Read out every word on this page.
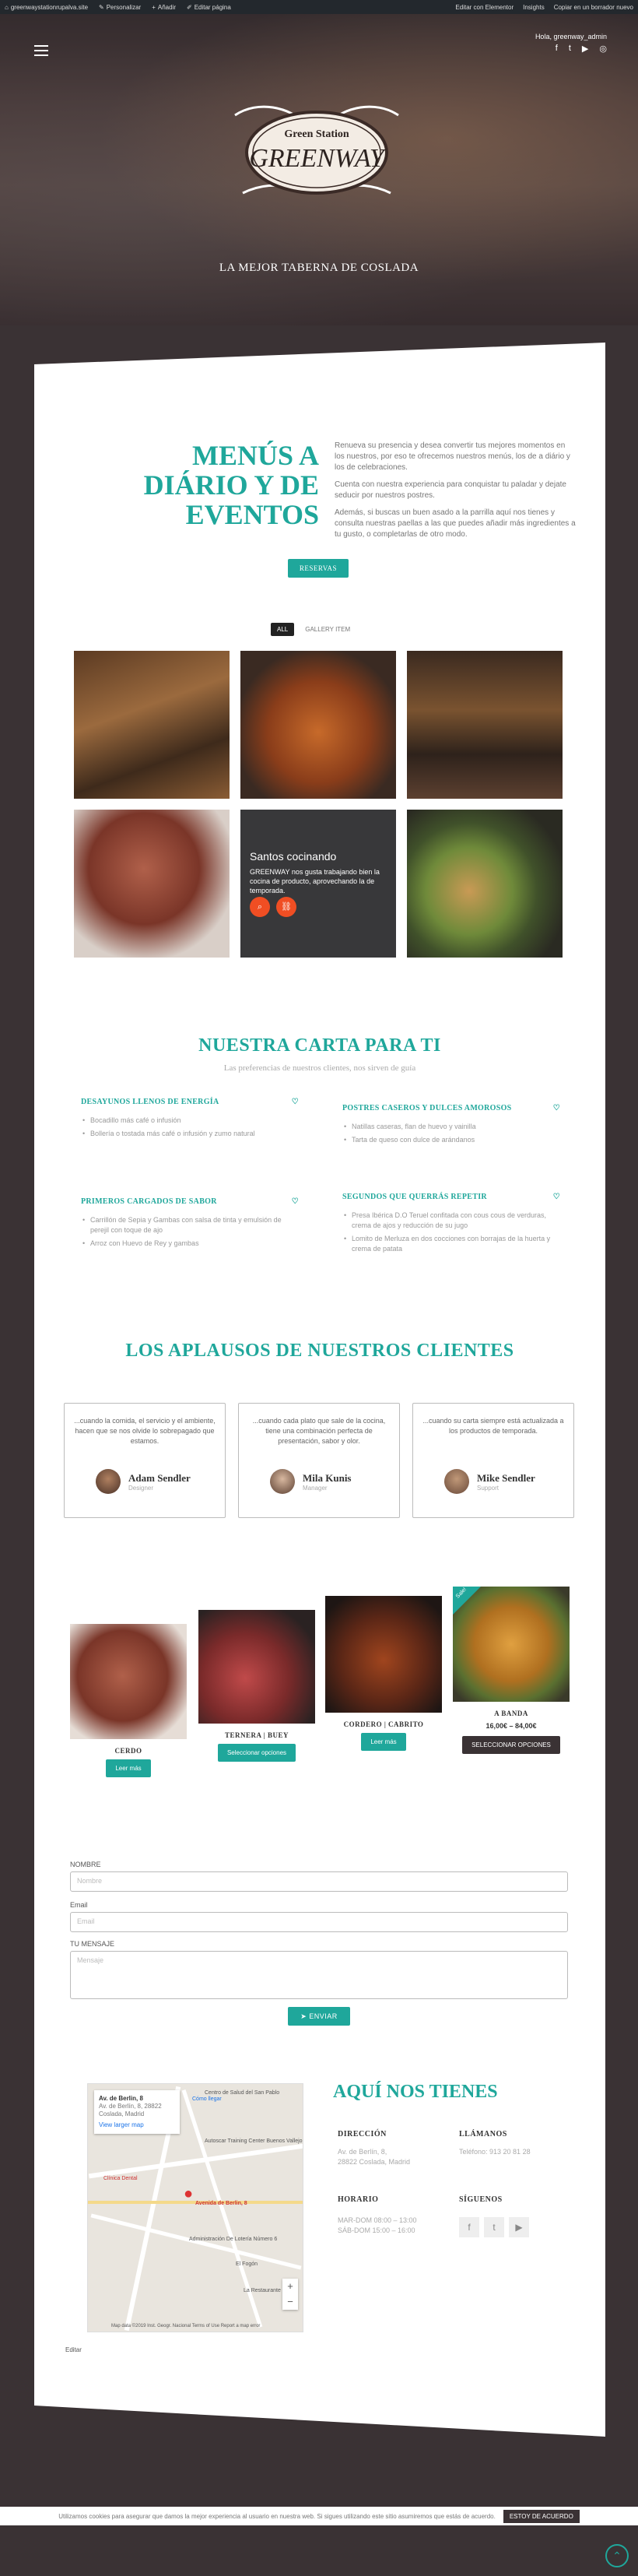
⌂ greenwaystationrupalva.site ✎ Personalizar + Añadir ✐ Editar página	Editar con Elementor Insights Copiar en un borrador nuevo
Hola, greenway_admin
f t ▶ ◎
Green Station
GREENWAY
LA MEJOR TABERNA DE COSLADA
MENÚS A DIÁRIO Y DE EVENTOS

Renueva su presencia y desea convertir tus mejores momentos en los nuestros, por eso te ofrecemos nuestros menús, los de a diário y los de celebraciones.

Cuenta con nuestra experiencia para conquistar tu paladar y dejate seducir por nuestros postres.

Además, si buscas un buen asado a la parrilla aquí nos tienes y consulta nuestras paellas a las que puedes añadir más ingredientes a tu gusto, o completarlas de otro modo.

RESERVAS
ALL	GALLERY ITEM
Santos cocinando

GREENWAY nos gusta trabajando bien la cocina de producto, aprovechando la de temporada.

⌕	⛓
NUESTRA CARTA PARA TI
Las preferencias de nuestros clientes, nos sirven de guía
DESAYUNOS LLENOS DE ENERGÍA	♡
• Bocadillo más café o infusión
• Bollería o tostada más café o infusión y zumo natural
POSTRES CASEROS Y DULCES AMOROSOS	♡
• Natillas caseras, flan de huevo y vainilla
• Tarta de queso con dulce de arándanos
PRIMEROS CARGADOS DE SABOR	♡
• Carrillón de Sepia y Gambas con salsa de tinta y emulsión de perejil con toque de ajo
• Arroz con Huevo de Rey y gambas
SEGUNDOS QUE QUERRÁS REPETIR	♡
• Presa Ibérica D.O Teruel confitada con cous cous de verduras, crema de ajos y reducción de su jugo
• Lomito de Merluza en dos cocciones con borrajas de la huerta y crema de patata
LOS APLAUSOS DE NUESTROS CLIENTES

...cuando la comida, el servicio y el ambiente, hacen que se nos olvide lo sobrepagado que estamos.

Adam Sendler
Designer

...cuando cada plato que sale de la cocina, tiene una combinación perfecta de presentación, sabor y olor.

Mila Kunis
Manager

...cuando su carta siempre está actualizada a los productos de temporada.

Mike Sendler
Support
CERDO
Leer más
TERNERA | BUEY
Seleccionar opciones
CORDERO | CABRITO
Leer más
Sale!
A BANDA
16,00€ – 84,00€
SELECCIONAR OPCIONES
NOMBRE
Nombre
Email
Email
TU MENSAJE
Mensaje
➤ ENVIAR
Av. de Berlin, 8
Av. de Berlín, 8, 28822 Coslada, Madrid
View larger map
Cómo llegar
●
Avenida de Berlin, 8
Centro de Salud del San Pablo
Autoscar Training Center Buenos Vallejo
Clínica Dental
Administración De Lotería Número 6
El Fogón
La Restaurante +
−
Map data ©2019 Inst. Geogr. Nacional Terms of Use Report a map error
AQUÍ NOS TIENES
DIRECCIÓN
Av. de Berlín, 8,
28822 Coslada, Madrid
LLÁMANOS
Teléfono: 913 20 81 28
HORARIO
MAR-DOM 08:00 – 13:00
SÁB-DOM 15:00 – 16:00
SÍGUENOS
f	t	▶
Editar
Utilizamos cookies para asegurar que damos la mejor experiencia al usuario en nuestra web. Si sigues utilizando este sitio asumiremos que estás de acuerdo.	ESTOY DE ACUERDO
⌃
